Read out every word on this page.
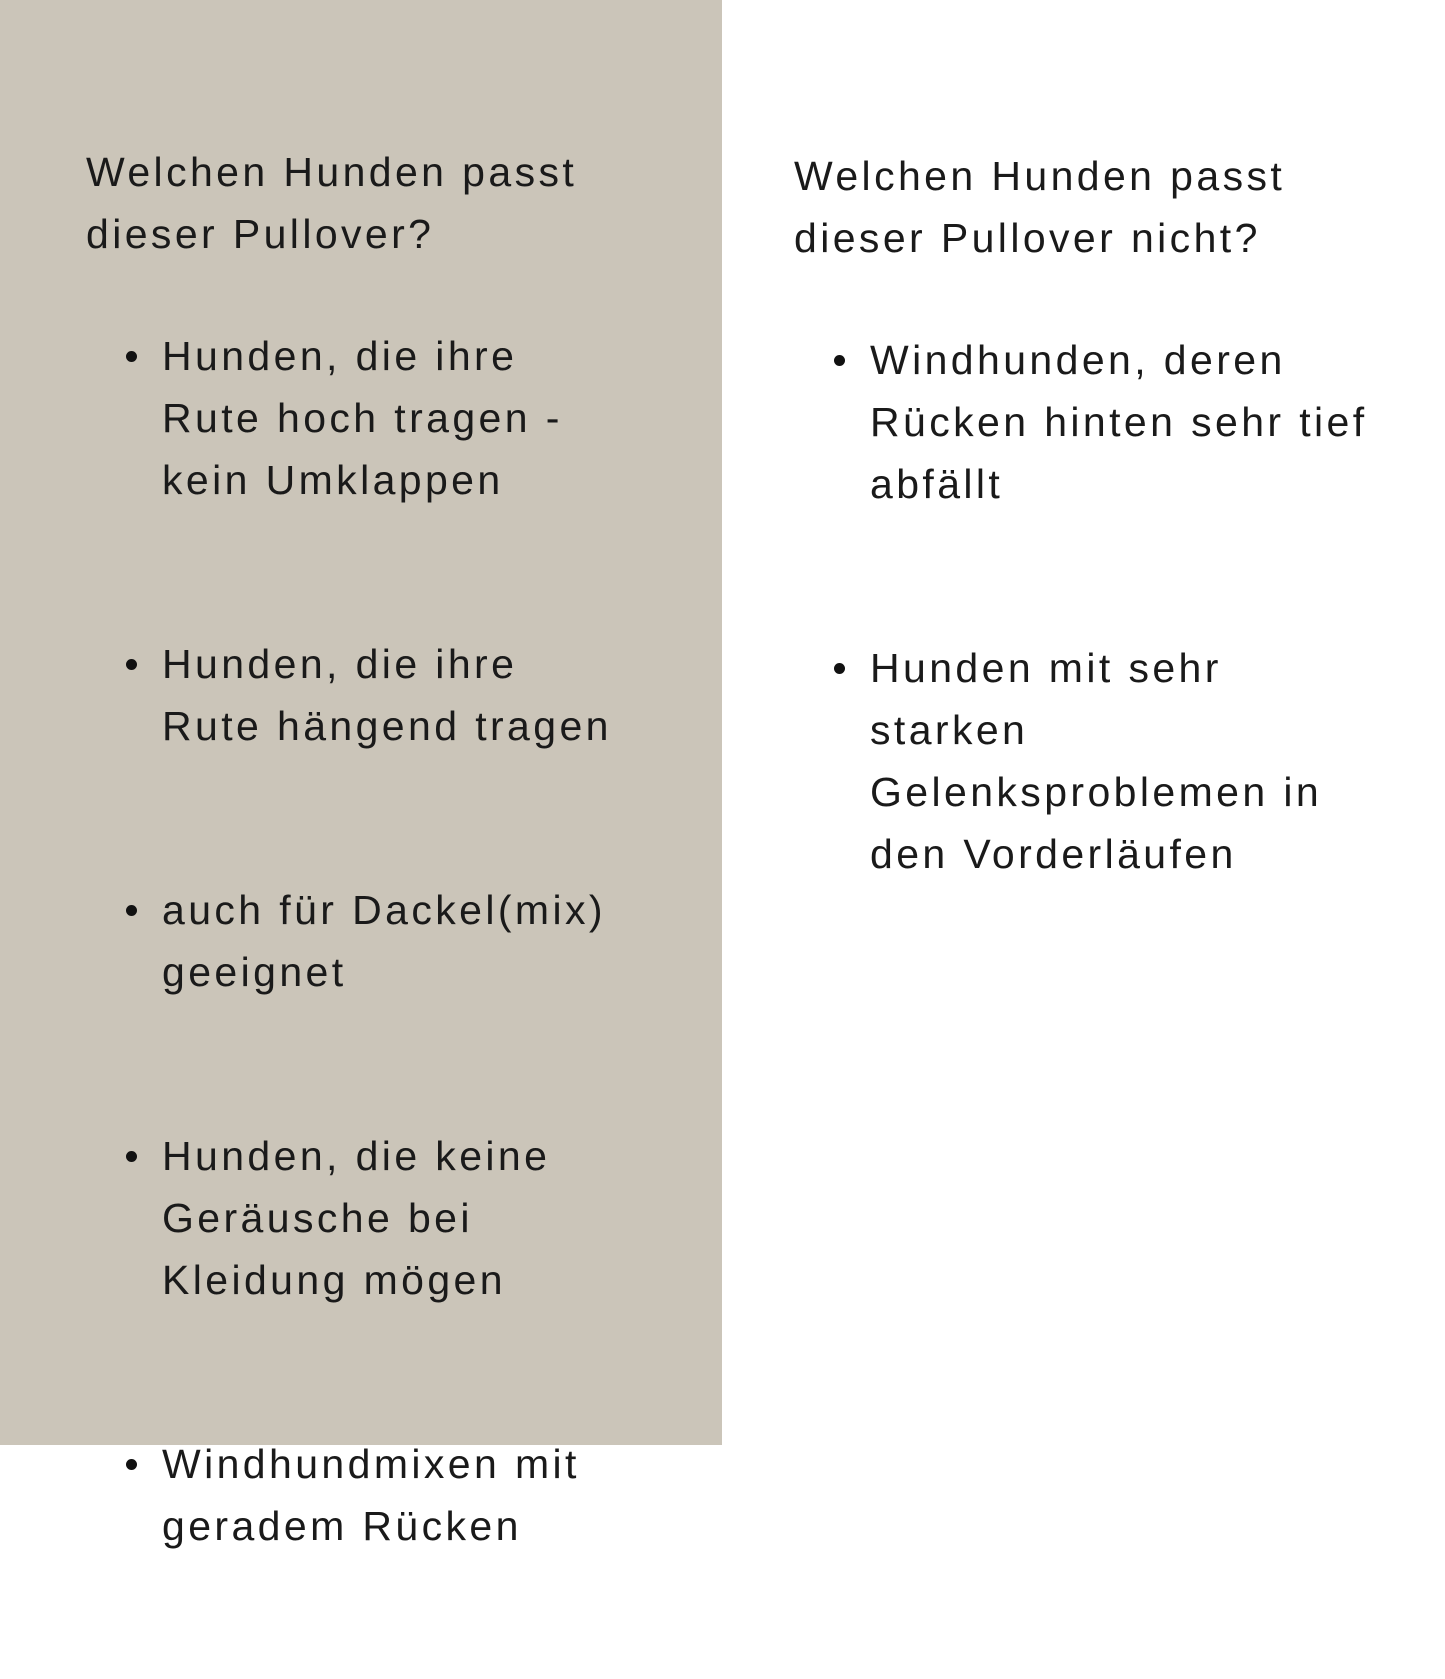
Welchen Hunden passt
dieser Pullover?
Hunden, die ihre
Rute hoch tragen -
kein Umklappen
Hunden, die ihre
Rute hängend tragen
auch für Dackel(mix)
geeignet
Hunden, die keine
Geräusche bei
Kleidung mögen
Windhundmixen mit
geradem Rücken
Welchen Hunden passt
dieser Pullover nicht?
Windhunden, deren
Rücken hinten sehr tief
abfällt
Hunden mit sehr
starken
Gelenksproblemen in
den Vorderläufen
